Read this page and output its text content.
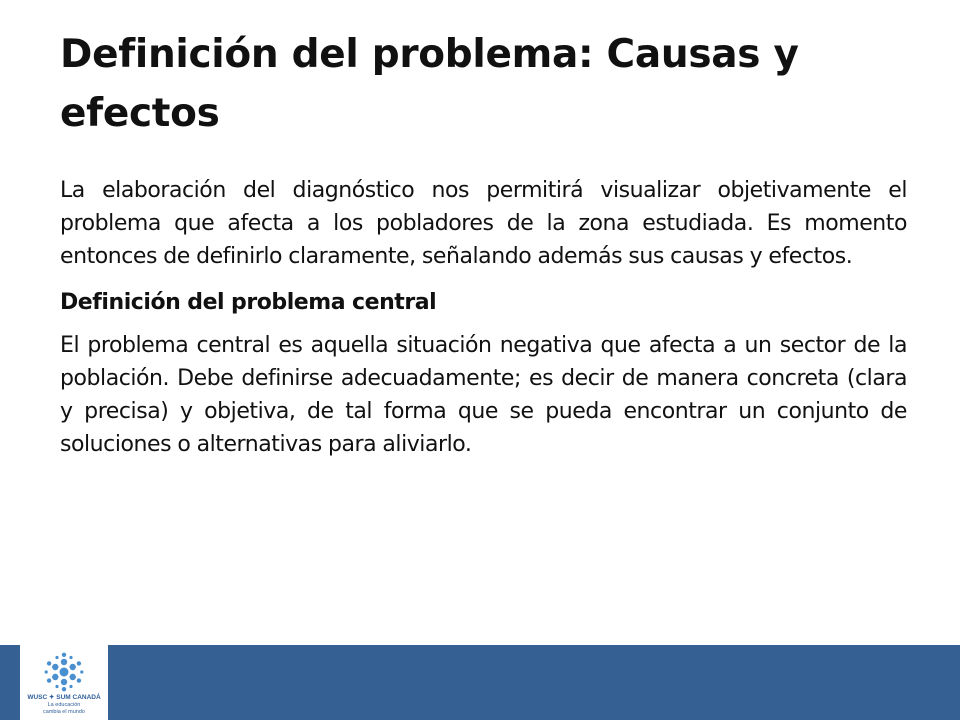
Definición del problema: Causas y efectos

La elaboración del diagnóstico nos permitirá visualizar objetivamente el problema que afecta a los pobladores de la zona estudiada. Es momento entonces de definirlo claramente, señalando además sus causas y efectos.

Definición del problema central

El problema central es aquella situación negativa que afecta a un sector de la población. Debe definirse adecuadamente; es decir de manera concreta (clara y precisa) y objetiva, de tal forma que se pueda encontrar un conjunto de soluciones o alternativas para aliviarlo.

WUSC ✦ SUM CANADÁ
La educación
cambia el mundo
